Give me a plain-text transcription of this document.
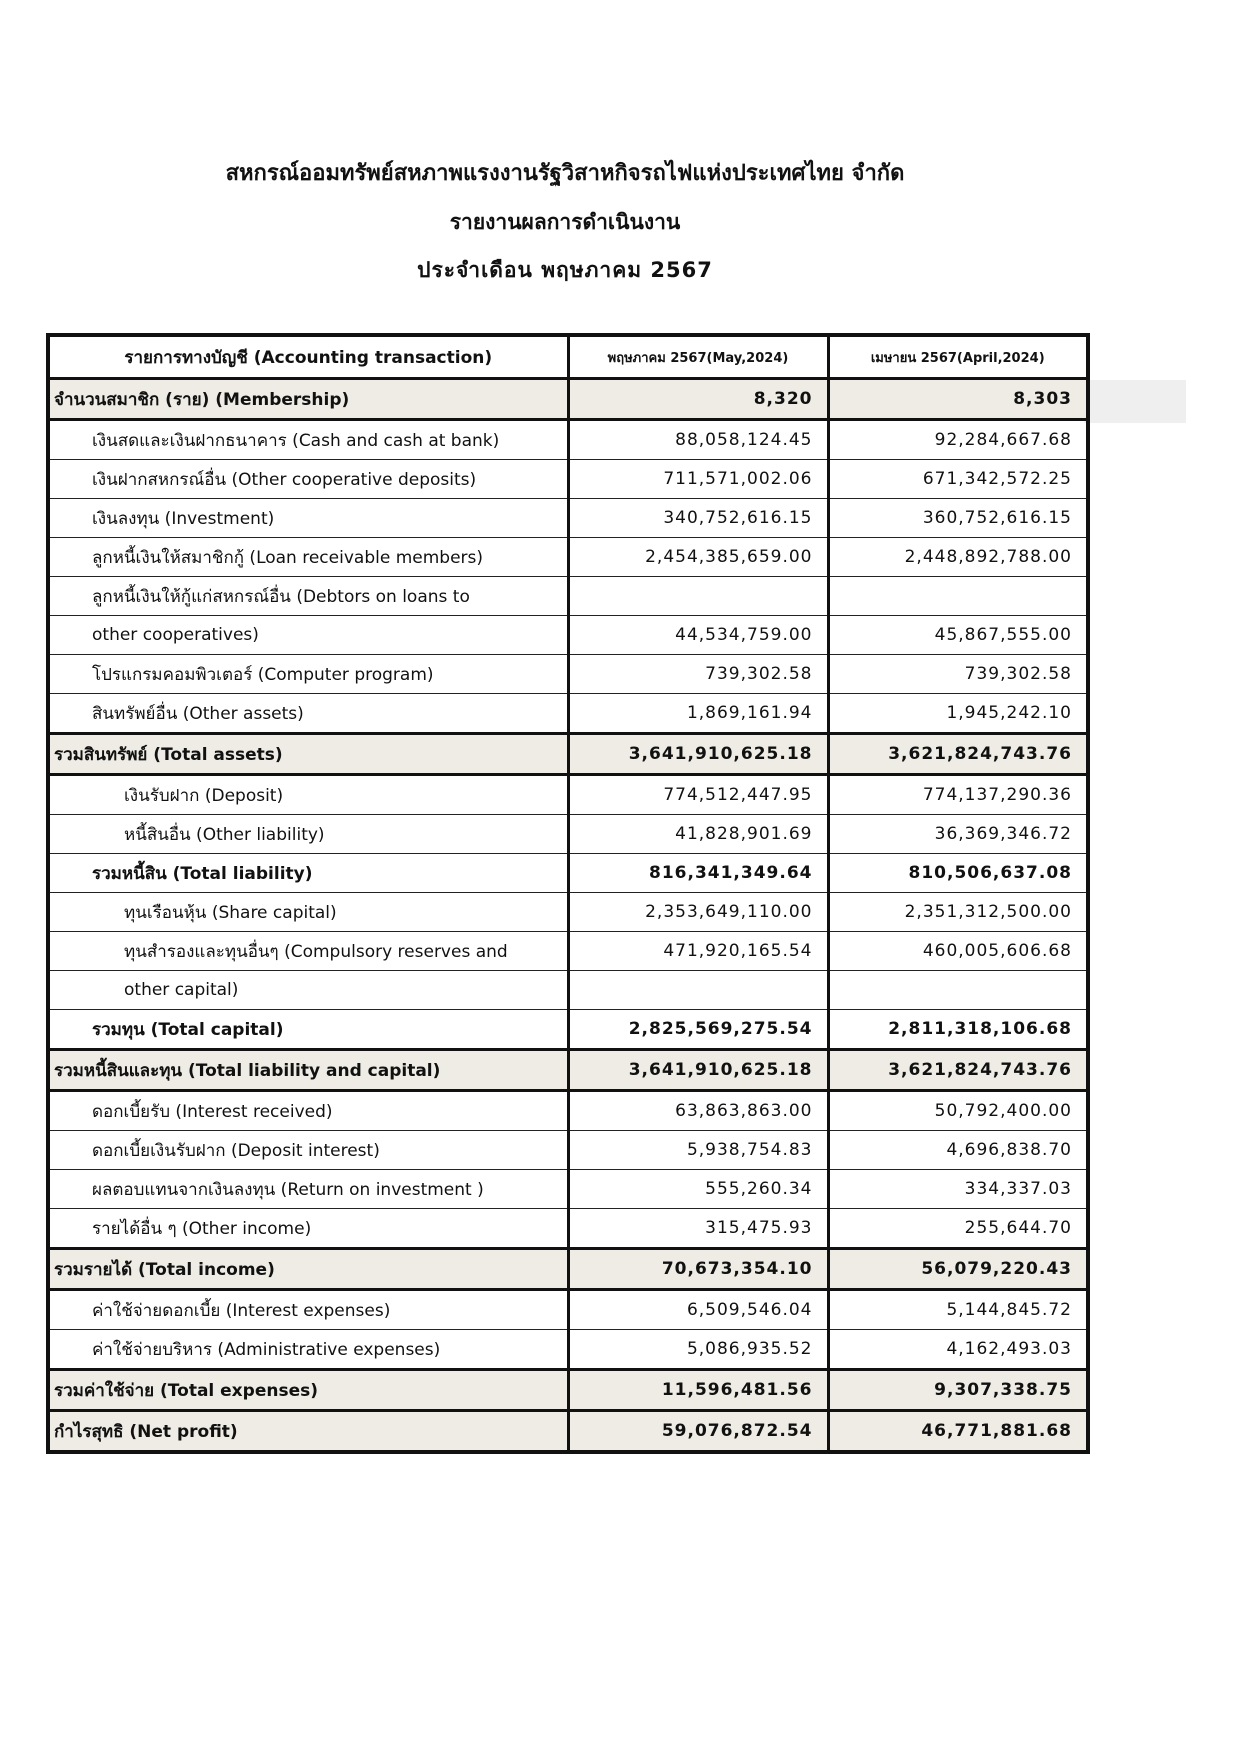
สหกรณ์ออมทรัพย์สหภาพแรงงานรัฐวิสาหกิจรถไฟแห่งประเทศไทย จำกัด
รายงานผลการดำเนินงาน
ประจำเดือน พฤษภาคม 2567
รายการทางบัญชี (Accounting transaction)	พฤษภาคม 2567(May,2024)	เมษายน 2567(April,2024)
จำนวนสมาชิก (ราย) (Membership)	8,320	8,303
เงินสดและเงินฝากธนาคาร (Cash and cash at bank)	88,058,124.45	92,284,667.68
เงินฝากสหกรณ์อื่น (Other cooperative deposits)	711,571,002.06	671,342,572.25
เงินลงทุน (Investment)	340,752,616.15	360,752,616.15
ลูกหนี้เงินให้สมาชิกกู้ (Loan receivable members)	2,454,385,659.00	2,448,892,788.00
ลูกหนี้เงินให้กู้แก่สหกรณ์อื่น (Debtors on loans to		
other cooperatives)	44,534,759.00	45,867,555.00
โปรแกรมคอมพิวเตอร์ (Computer program)	739,302.58	739,302.58
สินทรัพย์อื่น (Other assets)	1,869,161.94	1,945,242.10
รวมสินทรัพย์ (Total assets)	3,641,910,625.18	3,621,824,743.76
เงินรับฝาก (Deposit)	774,512,447.95	774,137,290.36
หนี้สินอื่น (Other liability)	41,828,901.69	36,369,346.72
รวมหนี้สิน (Total liability)	816,341,349.64	810,506,637.08
ทุนเรือนหุ้น (Share capital)	2,353,649,110.00	2,351,312,500.00
ทุนสำรองและทุนอื่นๆ (Compulsory reserves and	471,920,165.54	460,005,606.68
other capital)		
รวมทุน (Total capital)	2,825,569,275.54	2,811,318,106.68
รวมหนี้สินและทุน (Total liability and capital)	3,641,910,625.18	3,621,824,743.76
ดอกเบี้ยรับ (Interest received)	63,863,863.00	50,792,400.00
ดอกเบี้ยเงินรับฝาก (Deposit interest)	5,938,754.83	4,696,838.70
ผลตอบแทนจากเงินลงทุน (Return on investment )	555,260.34	334,337.03
รายได้อื่น ๆ (Other income)	315,475.93	255,644.70
รวมรายได้ (Total income)	70,673,354.10	56,079,220.43
ค่าใช้จ่ายดอกเบี้ย (Interest expenses)	6,509,546.04	5,144,845.72
ค่าใช้จ่ายบริหาร (Administrative expenses)	5,086,935.52	4,162,493.03
รวมค่าใช้จ่าย (Total expenses)	11,596,481.56	9,307,338.75
กำไรสุทธิ (Net profit)	59,076,872.54	46,771,881.68
